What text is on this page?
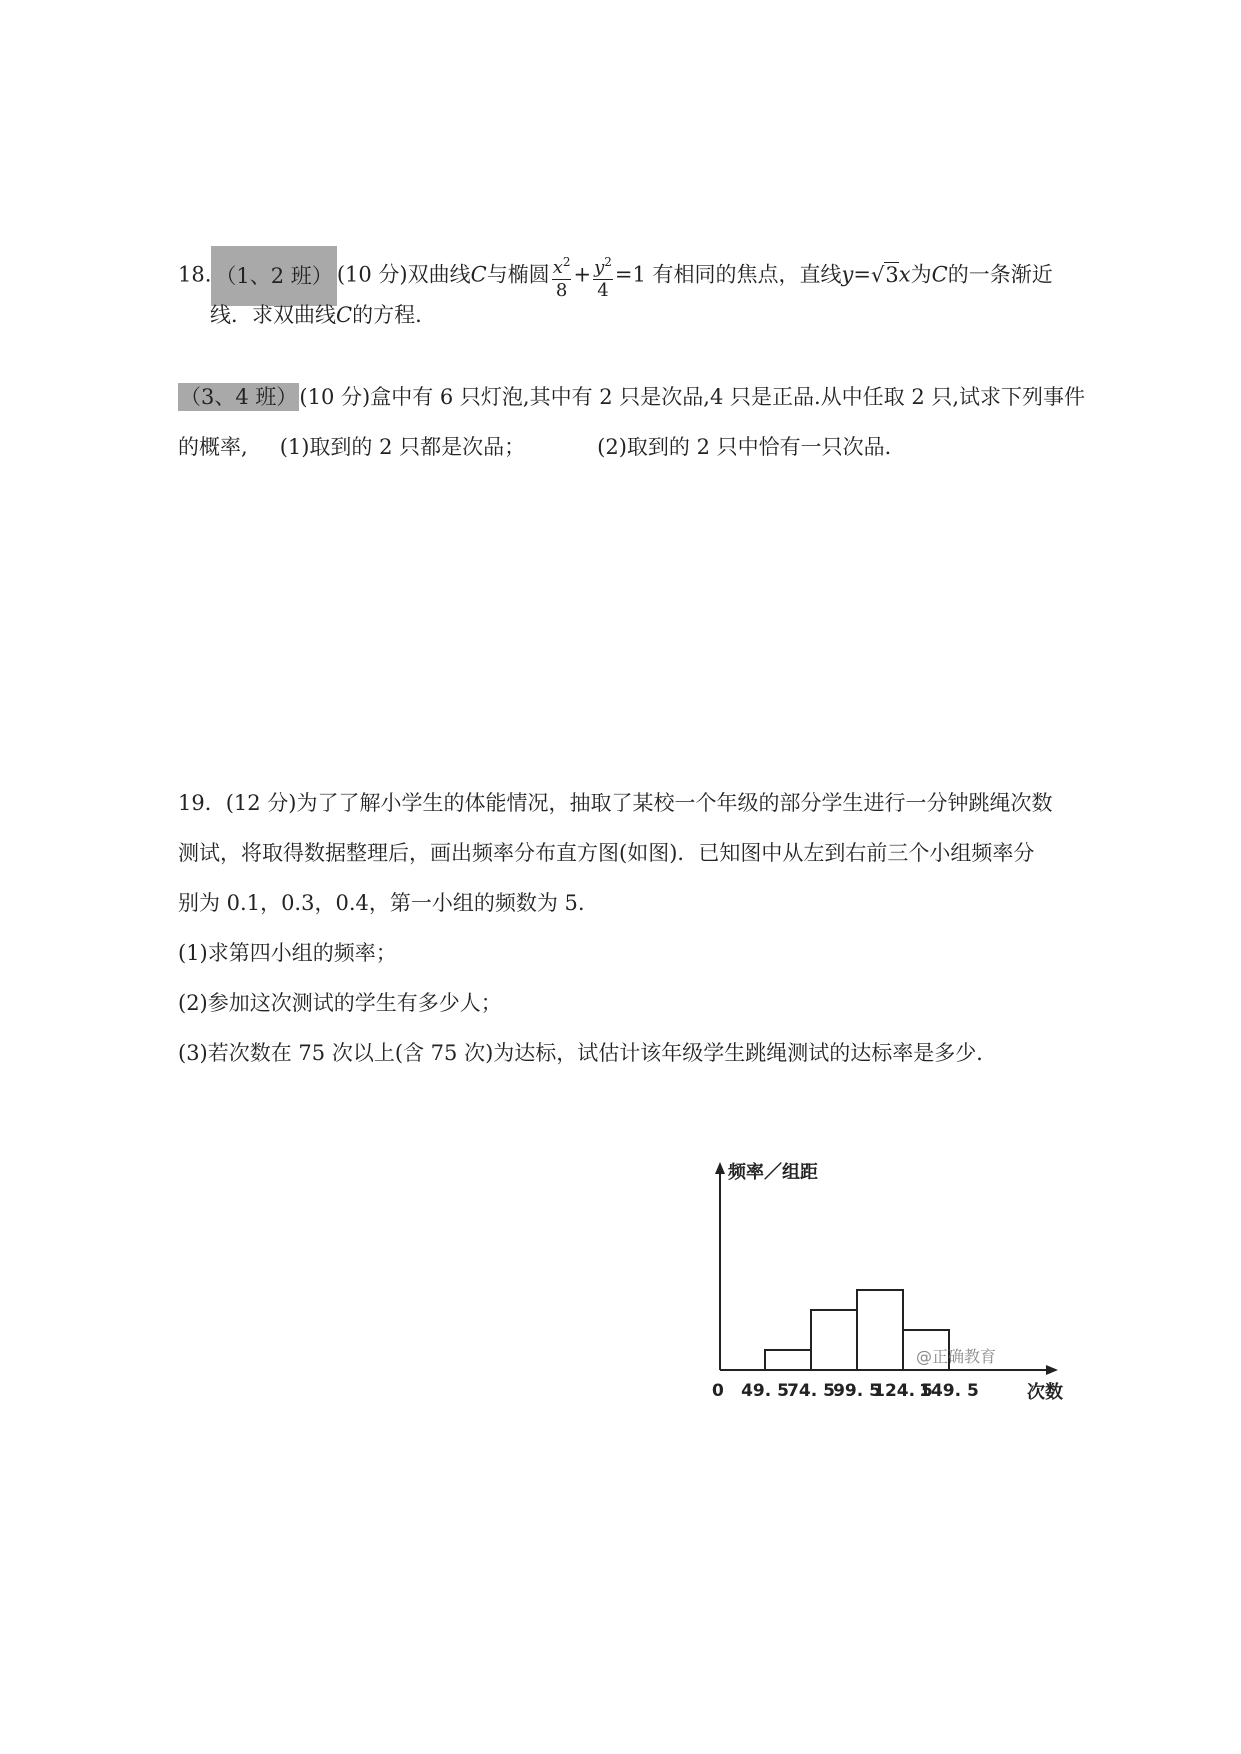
18. （1、2 班） (10 分)双曲线C与椭圆 $\frac{x^2}{8} + \frac{y^2}{4} =1$ 有相同的焦点，直线y=√3x为C的一条渐近
线．求双曲线C的方程.
（3、4 班）(10 分)盒中有 6 只灯泡,其中有 2 只是次品,4 只是正品.从中任取 2 只,试求下列事件
的概率, (1)取到的 2 只都是次品；	(2)取到的 2 只中恰有一只次品．
19．(12 分)为了了解小学生的体能情况，抽取了某校一个年级的部分学生进行一分钟跳绳次数
测试，将取得数据整理后，画出频率分布直方图(如图)．已知图中从左到右前三个小组频率分
别为 0.1，0.3，0.4，第一小组的频数为 5.
(1)求第四小组的频率；
(2)参加这次测试的学生有多少人；
(3)若次数在 75 次以上(含 75 次)为达标，试估计该年级学生跳绳测试的达标率是多少．
频率／组距
次数
0 49. 5
74. 5
99. 5
124. 5
149. 5
@正确教育
